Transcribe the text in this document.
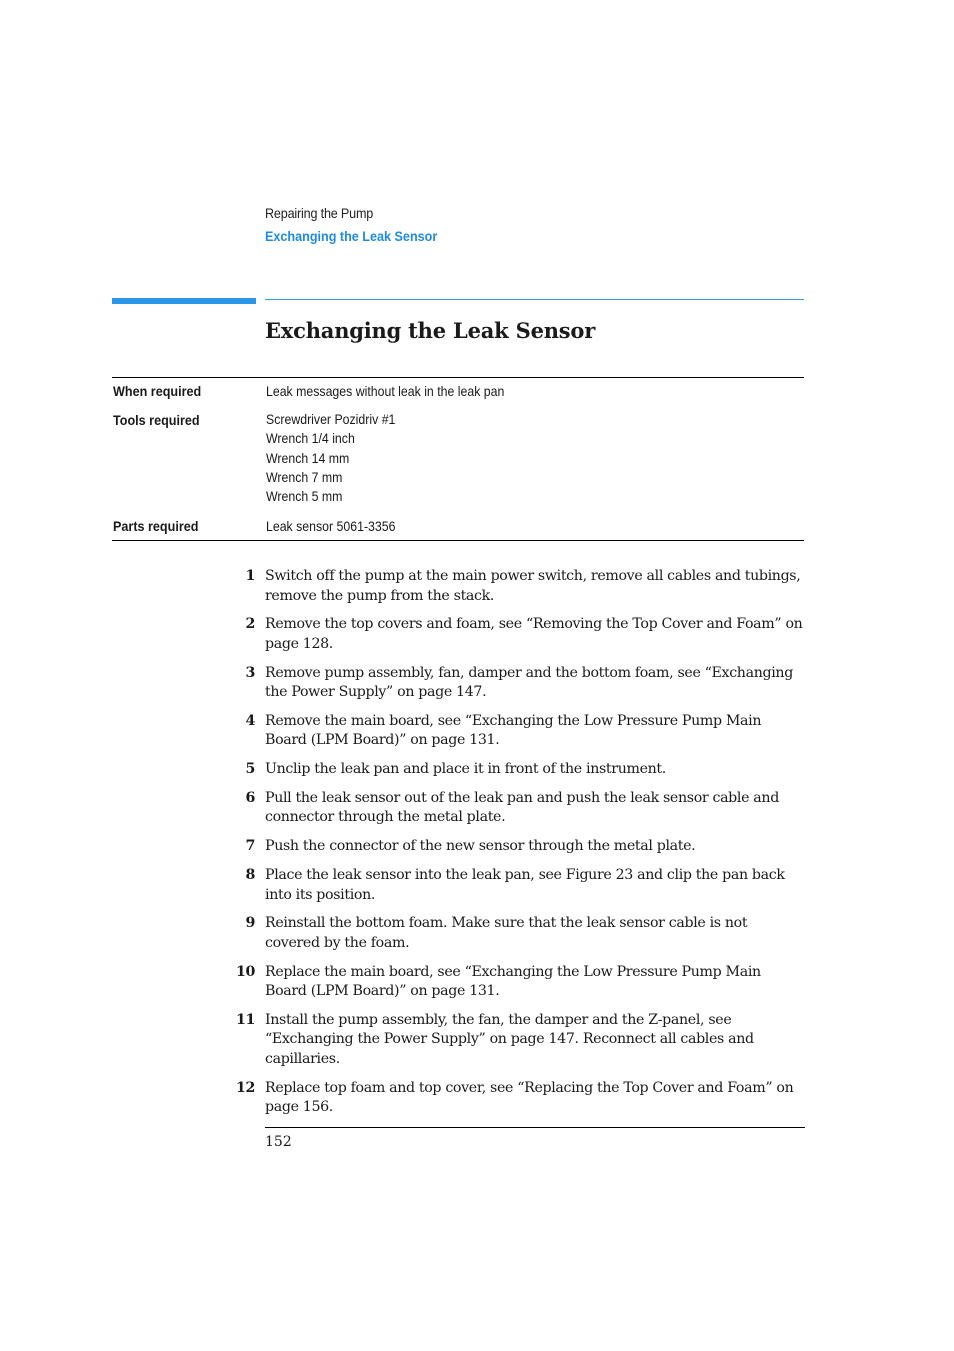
Repairing the Pump
Exchanging the Leak Sensor
Exchanging the Leak Sensor
When required	Leak messages without leak in the leak pan
Tools required	Screwdriver Pozidriv #1
Wrench 1/4 inch
Wrench 14 mm
Wrench 7 mm
Wrench 5 mm
Parts required	Leak sensor 5061-3356
1 Switch off the pump at the main power switch, remove all cables and tubings, remove the pump from the stack.
2 Remove the top covers and foam, see “Removing the Top Cover and Foam” on page 128.
3 Remove pump assembly, fan, damper and the bottom foam, see “Exchanging the Power Supply” on page 147.
4 Remove the main board, see “Exchanging the Low Pressure Pump Main Board (LPM Board)” on page 131.
5 Unclip the leak pan and place it in front of the instrument.
6 Pull the leak sensor out of the leak pan and push the leak sensor cable and connector through the metal plate.
7 Push the connector of the new sensor through the metal plate.
8 Place the leak sensor into the leak pan, see Figure 23 and clip the pan back into its position.
9 Reinstall the bottom foam. Make sure that the leak sensor cable is not covered by the foam.
10 Replace the main board, see “Exchanging the Low Pressure Pump Main Board (LPM Board)” on page 131.
11 Install the pump assembly, the fan, the damper and the Z-panel, see “Exchanging the Power Supply” on page 147. Reconnect all cables and capillaries.
12 Replace top foam and top cover, see “Replacing the Top Cover and Foam” on page 156.
152
